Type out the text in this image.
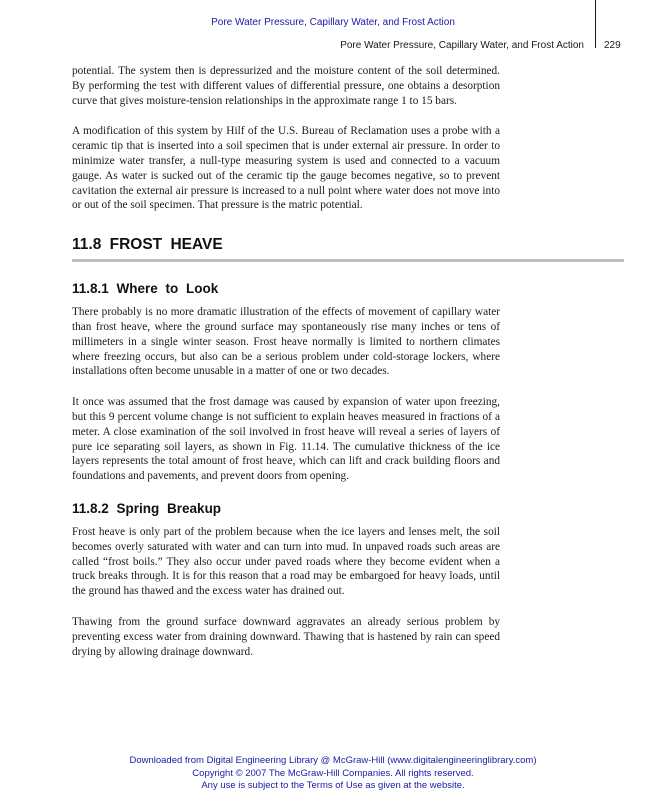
Pore Water Pressure, Capillary Water, and Frost Action
Pore Water Pressure, Capillary Water, and Frost Action 229

potential. The system then is depressurized and the moisture content of the soil determined. By performing the test with different values of differential pressure, one obtains a desorption curve that gives moisture-tension relationships in the approximate range 1 to 15 bars.

A modification of this system by Hilf of the U.S. Bureau of Reclamation uses a probe with a ceramic tip that is inserted into a soil specimen that is under external air pressure. In order to minimize water transfer, a null-type measuring system is used and connected to a vacuum gauge. As water is sucked out of the ceramic tip the gauge becomes negative, so to prevent cavitation the external air pressure is increased to a null point where water does not move into or out of the soil specimen. That pressure is the matric potential.

11.8 FROST HEAVE
11.8.1 Where to Look

There probably is no more dramatic illustration of the effects of movement of capillary water than frost heave, where the ground surface may spontaneously rise many inches or tens of millimeters in a single winter season. Frost heave normally is limited to northern climates where freezing occurs, but also can be a serious problem under cold-storage lockers, where installations often become unusable in a matter of one or two decades.

It once was assumed that the frost damage was caused by expansion of water upon freezing, but this 9 percent volume change is not sufficient to explain heaves measured in fractions of a meter. A close examination of the soil involved in frost heave will reveal a series of layers of pure ice separating soil layers, as shown in Fig. 11.14. The cumulative thickness of the ice layers represents the total amount of frost heave, which can lift and crack building floors and foundations and pavements, and prevent doors from opening.

11.8.2 Spring Breakup

Frost heave is only part of the problem because when the ice layers and lenses melt, the soil becomes overly saturated with water and can turn into mud. In unpaved roads such areas are called “frost boils.” They also occur under paved roads where they become evident when a truck breaks through. It is for this reason that a road may be embargoed for heavy loads, until the ground has thawed and the excess water has drained out.

Thawing from the ground surface downward aggravates an already serious problem by preventing excess water from draining downward. Thawing that is hastened by rain can speed drying by allowing drainage downward.

Downloaded from Digital Engineering Library @ McGraw-Hill (www.digitalengineeringlibrary.com)
Copyright © 2007 The McGraw-Hill Companies. All rights reserved.
Any use is subject to the Terms of Use as given at the website.
